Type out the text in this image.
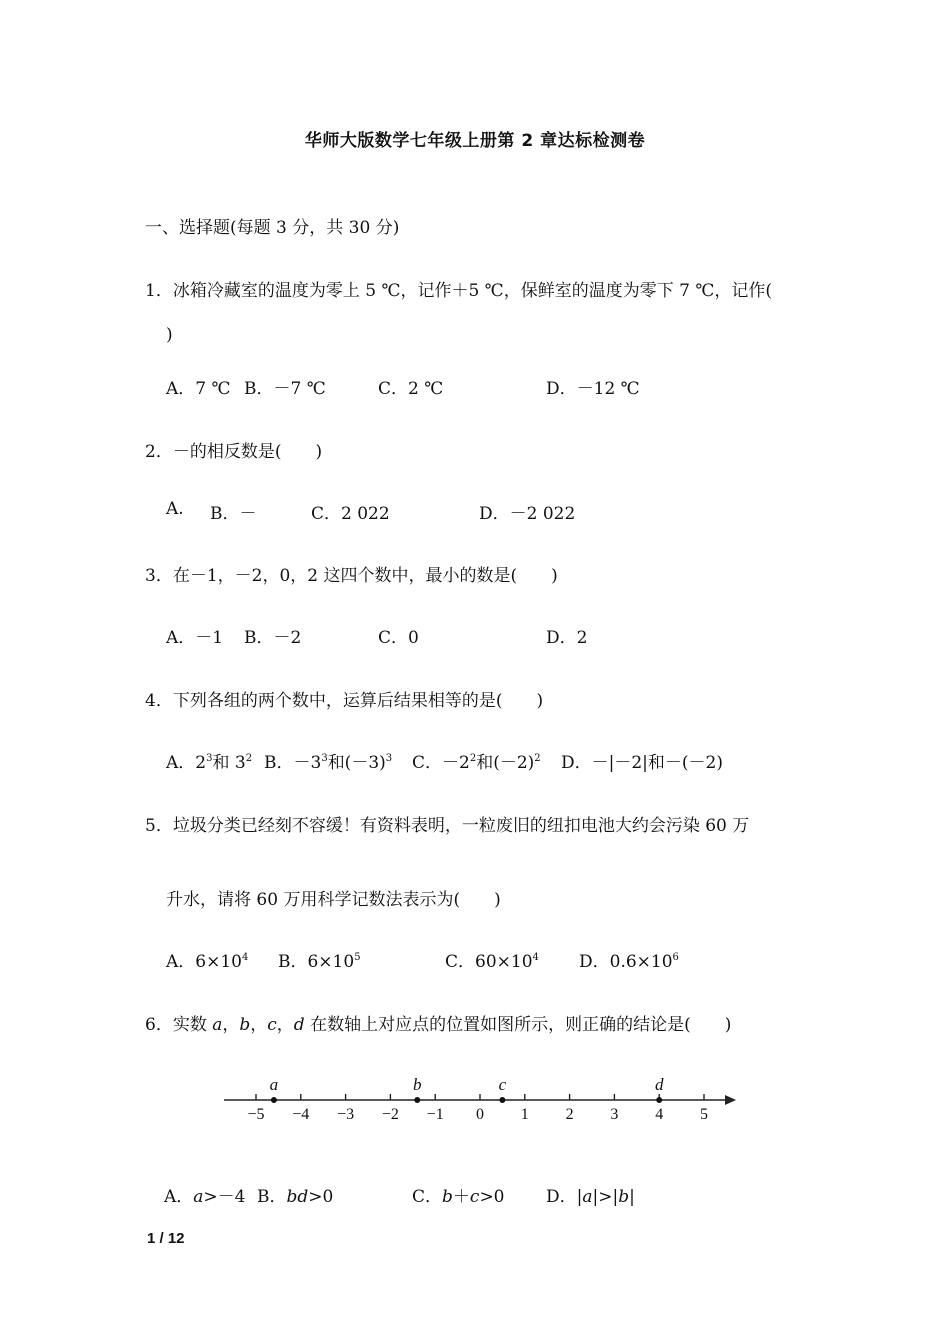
华师大版数学七年级上册第 2 章达标检测卷
一、选择题(每题 3 分，共 30 分)
1．冰箱冷藏室的温度为零上 5 ℃，记作＋5 ℃，保鲜室的温度为零下 7 ℃，记作(
)
A．7 ℃ B．－7 ℃	C．2 ℃	D．－12 ℃
2．－的相反数是(　　)
A. B．－	C．2 022	D．－2 022
3．在－1，－2，0，2 这四个数中，最小的数是(　　)
A．－1 B．－2	C．0	D．2
4．下列各组的两个数中，运算后结果相等的是(　　)
A．$2^3$和 $3^2$ B．$-3^3$和$(-3)^3$ C．$-2^2$和$(-2)^2$ D．－|－2|和－(－2)
5．垃圾分类已经刻不容缓！有资料表明，一粒废旧的纽扣电池大约会污染 60 万
升水，请将 60 万用科学记数法表示为(　　)
A．$6\times 10^4$ B．$6\times 10^5$	C．$60\times 10^4$ D．$0.6\times 10^6$
6．实数 a，b，c，d 在数轴上对应点的位置如图所示，则正确的结论是(　　)
−5 −4 −3 −2 −1 0 1 2 3 4 5
a	b	c	d
A．a>－4 B．bd>0	C．b＋c>0 D．|a|>|b|
1 / 12
